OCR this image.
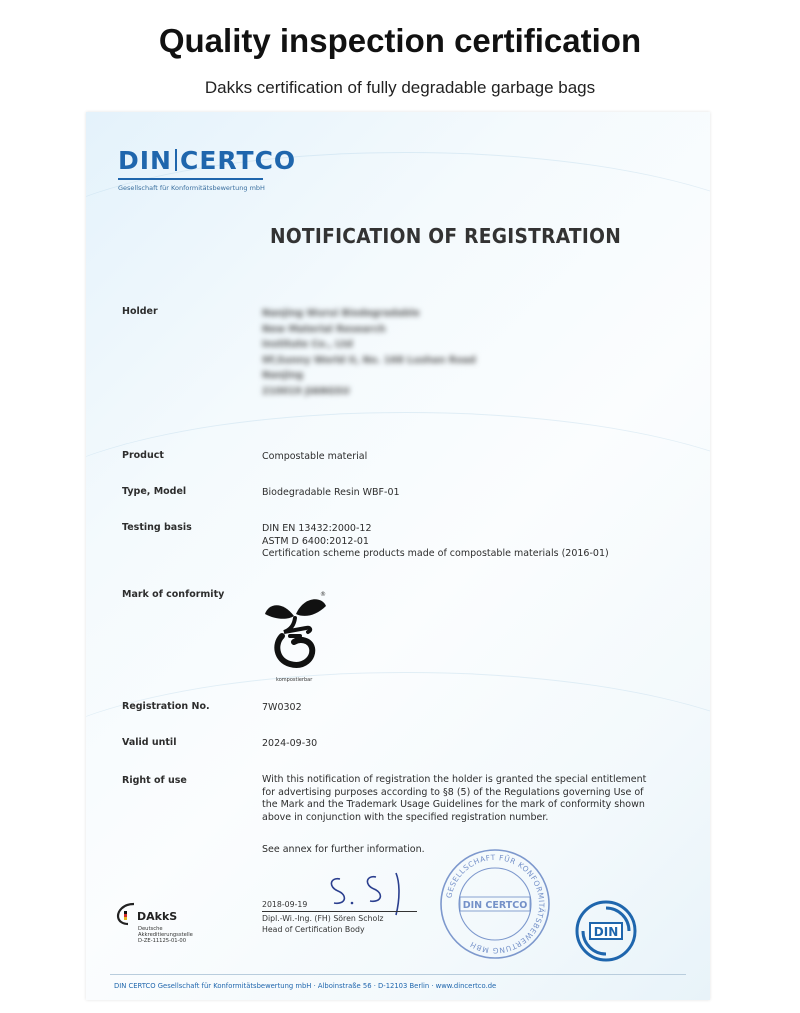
Quality inspection certification
Dakks certification of fully degradable garbage bags
DIN CERTCO
Gesellschaft für Konformitätsbewertung mbH
NOTIFICATION OF REGISTRATION
Holder	Nanjing Wurui Biodegradable
New Material Research
Institute Co., Ltd
9F,Sunny World II, No. 168 Lushan Road
Nanjing
210019 JIANGSU
Product	Compostable material
Type, Model	Biodegradable Resin WBF-01
Testing basis	DIN EN 13432:2000-12
ASTM D 6400:2012-01
Certification scheme products made of compostable materials (2016-01)
Mark of conformity	®
kompostierbar
Registration No.	7W0302
Valid until	2024-09-30
Right of use	With this notification of registration the holder is granted the special entitlement
for advertising purposes according to §8 (5) of the Regulations governing Use of
the Mark and the Trademark Usage Guidelines for the mark of conformity shown
above in conjunction with the specified registration number.
See annex for further information.
2018-09-19
Dipl.-Wi.-Ing. (FH) Sören Scholz
Head of Certification Body
DAkkS
Deutsche
Akkreditierungsstelle
D-ZE-11125-01-00
GESELLSCHAFT FÜR KONFORMITÄTSBEWERTUNG MBH
DIN CERTCO
DIN
DIN CERTCO Gesellschaft für Konformitätsbewertung mbH · Alboinstraße 56 · D-12103 Berlin · www.dincertco.de
